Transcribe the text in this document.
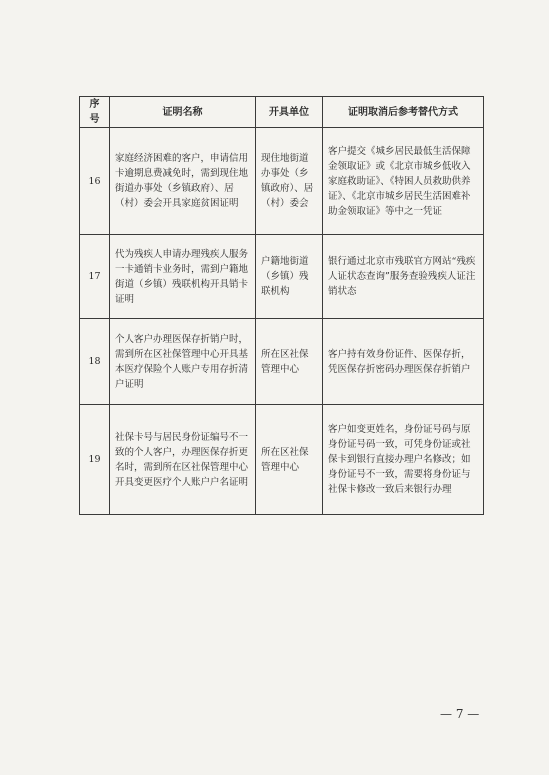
序号	证明名称	开具单位	证明取消后参考替代方式
16	家庭经济困难的客户，申请信用卡逾期息费减免时，需到现住地街道办事处（乡镇政府）、居（村）委会开具家庭贫困证明	现住地街道办事处（乡镇政府）、居（村）委会	客户提交《城乡居民最低生活保障金领取证》或《北京市城乡低收入家庭救助证》、《特困人员救助供养证》、《北京市城乡居民生活困难补助金领取证》等中之一凭证
17	代为残疾人申请办理残疾人服务一卡通销卡业务时，需到户籍地街道（乡镇）残联机构开具销卡证明	户籍地街道（乡镇）残联机构	银行通过北京市残联官方网站“残疾人证状态查询”服务查验残疾人证注销状态
18	个人客户办理医保存折销户时，需到所在区社保管理中心开具基本医疗保险个人账户专用存折清户证明	所在区社保管理中心	客户持有效身份证件、医保存折，凭医保存折密码办理医保存折销户
19	社保卡号与居民身份证编号不一致的个人客户，办理医保存折更名时，需到所在区社保管理中心开具变更医疗个人账户户名证明	所在区社保管理中心	客户如变更姓名，身份证号码与原身份证号码一致，可凭身份证或社保卡到银行直接办理户名修改；如身份证号不一致，需要将身份证与社保卡修改一致后来银行办理
— 7 —
